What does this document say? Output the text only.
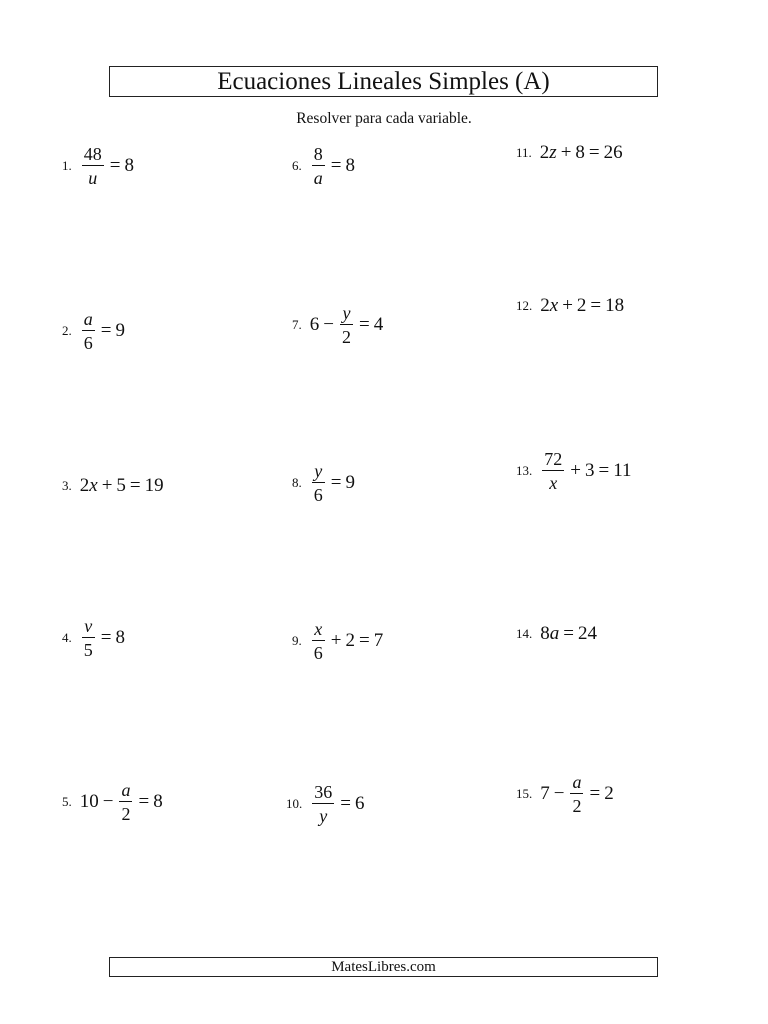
Ecuaciones Lineales Simples (A)
Resolver para cada variable.
1. $\frac{48}{u} = 8$
2. $\frac{a}{6} = 9$
3. 2 x + 5 = 19
4. $\frac{v}{5} = 8$
5. $10 - \frac{a}{2} = 8$
6. $\frac{8}{a} = 8$
7. $6 - \frac{y}{2} = 4$
8. $\frac{y}{6} = 9$
9. $\frac{x}{6} + 2 = 7$
10. $\frac{36}{y} = 6$
11. 2 z + 8 = 26
12. 2 x + 2 = 18
13. $\frac{72}{x} + 3 = 11$
14. 8 a = 24
15. $7 - \frac{a}{2} = 2$
MatesLibres.com
